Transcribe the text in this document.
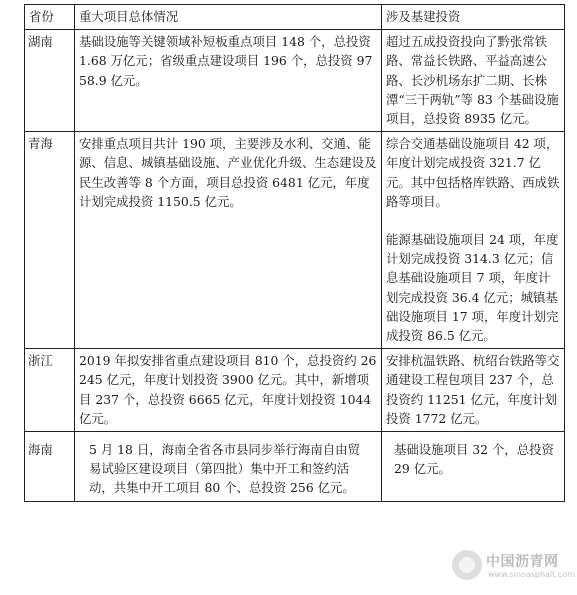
省份	重大项目总体情况	涉及基建投资
湖南	基础设施等关键领域补短板重点项目 148 个，总投资 1.68 万亿元；省级重点建设项目 196 个，总投资 9758.9 亿元。	超过五成投资投向了黔张常铁路、常益长铁路、平益高速公路、长沙机场东扩二期、长株潭“三干两轨”等 83 个基础设施项目，总投资 8935 亿元。

青海	安排重点项目共计 190 项，主要涉及水利、交通、能源、信息、城镇基础设施、产业优化升级、生态建设及民生改善等 8 个方面，项目总投资 6481 亿元，年度计划完成投资 1150.5 亿元。	综合交通基础设施项目 42 项，年度计划完成投资 321.7 亿元。其中包括格库铁路、西成铁路等项目。
能源基础设施项目 24 项，年度计划完成投资 314.3 亿元；信息基础设施项目 7 项，年度计划完成投资 36.4 亿元；城镇基础设施项目 17 项，年度计划完成投资 86.5 亿元。

浙江	2019 年拟安排省重点建设项目 810 个，总投资约 26245 亿元，年度计划投资 3900 亿元。其中，新增项目 237 个，总投资 6665 亿元，年度计划投资 1044 亿元。	安排杭温铁路、杭绍台铁路等交通建设工程包项目 237 个，总投资约 11251 亿元，年度计划投资 1772 亿元。

海南	5 月 18 日，海南全省各市县同步举行海南自由贸易试验区建设项目（第四批）集中开工和签约活动，共集中开工项目 80 个、总投资 256 亿元。	基础设施项目 32 个，总投资 29 亿元。
中国沥青网
www.sinoasphalt.com
